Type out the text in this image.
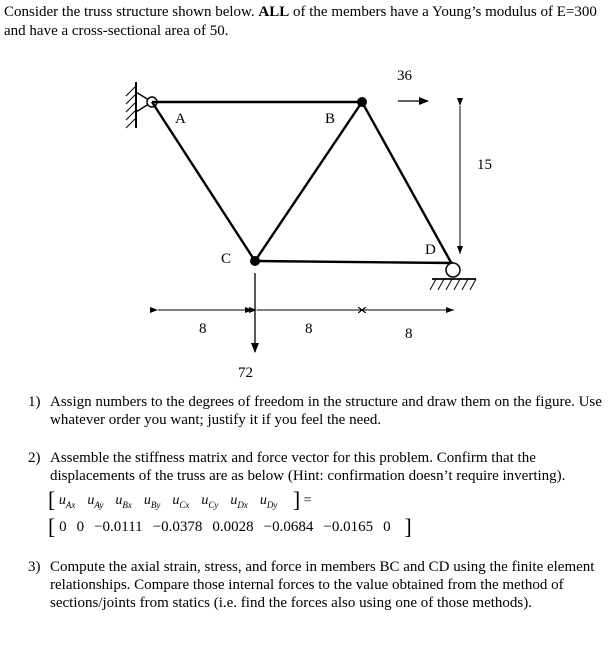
Consider the truss structure shown below. ALL of the members have a Young’s modulus of E=300 and have a cross-sectional area of 50.
36
15
72
8	8	8
A	B
C
D
1) Assign numbers to the degrees of freedom in the structure and draw them on the figure. Use whatever order you want; justify it if you feel the need.
2) Assemble the stiffness matrix and force vector for this problem. Confirm that the displacements of the truss are as below (Hint: confirmation doesn’t require inverting).
[ $u_{Ax}$ $u_{Ay}$ $u_{Bx}$ $u_{By}$ $u_{Cx}$ $u_{Cy}$ $u_{Dx}$ $u_{Dy}$ ] =
[ 0 0 −0.0111 −0.0378 0.0028 −0.0684 −0.0165 0 ]
3) Compute the axial strain, stress, and force in members BC and CD using the finite element relationships. Compare those internal forces to the value obtained from the method of sections/joints from statics (i.e. find the forces also using one of those methods).
